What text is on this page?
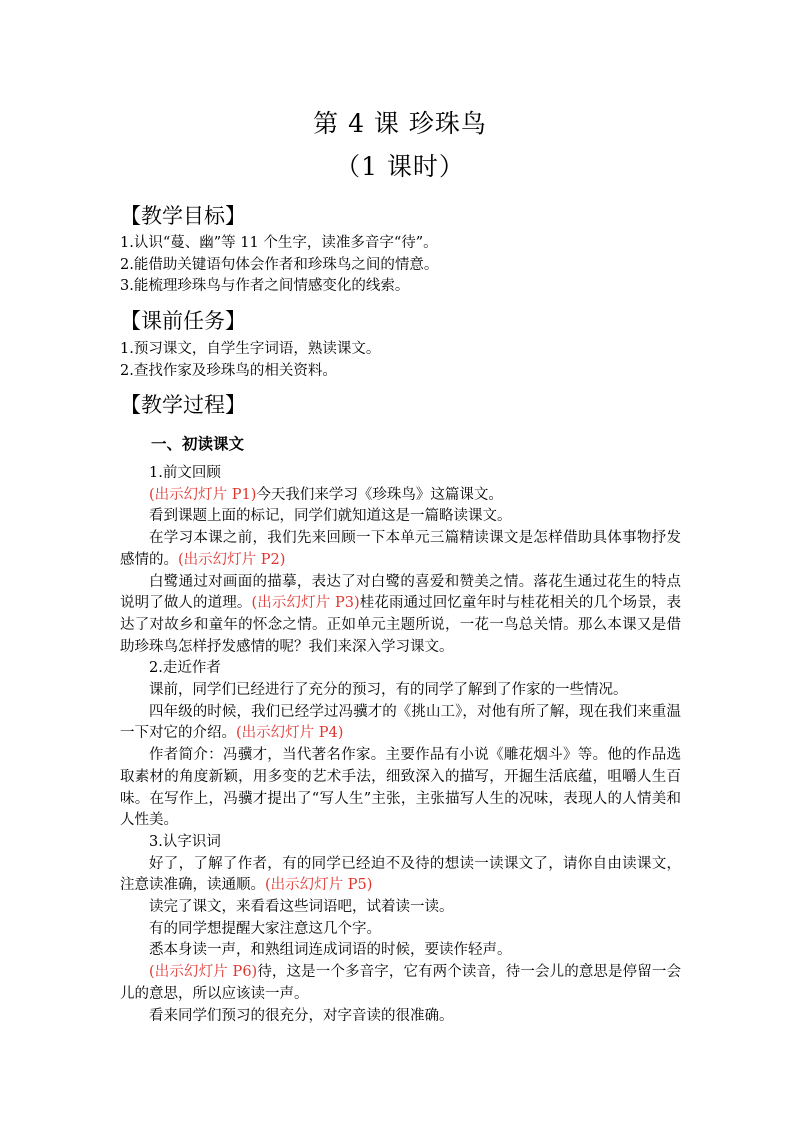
第 4 课 珍珠鸟
（1 课时）
【教学目标】
1.认识“蔓、幽”等 11 个生字，读准多音字“待”。
2.能借助关键语句体会作者和珍珠鸟之间的情意。
3.能梳理珍珠鸟与作者之间情感变化的线索。
【课前任务】
1.预习课文，自学生字词语，熟读课文。
2.查找作家及珍珠鸟的相关资料。
【教学过程】
一、初读课文

1.前文回顾

(出示幻灯片 P1)今天我们来学习《珍珠鸟》这篇课文。

看到课题上面的标记，同学们就知道这是一篇略读课文。

在学习本课之前，我们先来回顾一下本单元三篇精读课文是怎样借助具体事物抒发感情的。(出示幻灯片 P2)

白鹭通过对画面的描摹，表达了对白鹭的喜爱和赞美之情。落花生通过花生的特点说明了做人的道理。(出示幻灯片 P3)桂花雨通过回忆童年时与桂花相关的几个场景，表达了对故乡和童年的怀念之情。正如单元主题所说，一花一鸟总关情。那么本课又是借助珍珠鸟怎样抒发感情的呢？我们来深入学习课文。

2.走近作者

课前，同学们已经进行了充分的预习，有的同学了解到了作家的一些情况。

四年级的时候，我们已经学过冯骥才的《挑山工》，对他有所了解，现在我们来重温一下对它的介绍。(出示幻灯片 P4)

作者简介：冯骥才，当代著名作家。主要作品有小说《雕花烟斗》等。他的作品选取素材的角度新颖，用多变的艺术手法，细致深入的描写，开掘生活底蕴，咀嚼人生百味。在写作上，冯骥才提出了“写人生”主张，主张描写人生的况味，表现人的人情美和人性美。

3.认字识词

好了，了解了作者，有的同学已经迫不及待的想读一读课文了，请你自由读课文，注意读准确，读通顺。(出示幻灯片 P5)

读完了课文，来看看这些词语吧，试着读一读。

有的同学想提醒大家注意这几个字。

悉本身读一声，和熟组词连成词语的时候，要读作轻声。

(出示幻灯片 P6)待，这是一个多音字，它有两个读音，待一会儿的意思是停留一会儿的意思，所以应该读一声。

看来同学们预习的很充分，对字音读的很准确。
